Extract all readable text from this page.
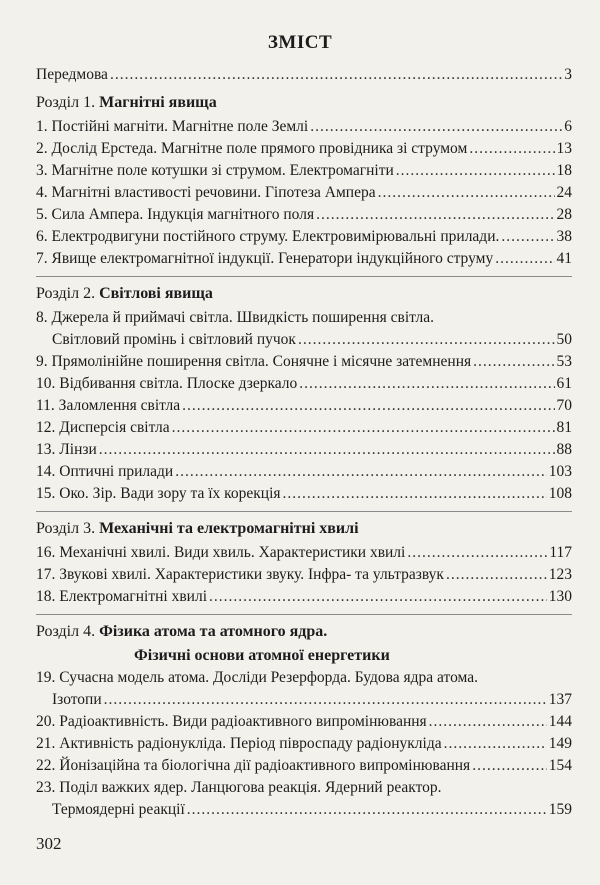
ЗМІСТ
Передмова .....	3
Розділ 1.
Магнітні явища
1. Постійні магніти. Магнітне поле Землі .....	6
2. Дослід Ерстеда. Магнітне поле прямого провідника зі струмом .....	13
3. Магнітне поле котушки зі струмом. Електромагніти .....	18
4. Магнітні властивості речовини. Гіпотеза Ампера .....	24
5. Сила Ампера. Індукція магнітного поля .....	28
6. Електродвигуни постійного струму. Електровимірювальні прилади. .....	38
7. Явище електромагнітної індукції. Генератори індукційного струму .....	41
Розділ 2.
Світлові явища
8. Джерела й приймачі світла. Швидкість поширення світла.
Світловий промінь і світловий пучок .....	50
9. Прямолінійне поширення світла. Сонячне і місячне затемнення .....	53
10. Відбивання світла. Плоске дзеркало .....	61
11. Заломлення світла .....	70
12. Дисперсія світла .....	81
13. Лінзи .....	88
14. Оптичні прилади .....	103
15. Око. Зір. Вади зору та їх корекція .....	108
Розділ 3.
Механічні та електромагнітні хвилі
16. Механічні хвилі. Види хвиль. Характеристики хвилі .....	117
17. Звукові хвилі. Характеристики звуку. Інфра- та ультразвук .....	123
18. Електромагнітні хвилі .....	130
Розділ 4.
Фізика атома та атомного ядра.
Фізичні основи атомної енергетики
19. Сучасна модель атома. Досліди Резерфорда. Будова ядра атома.
Ізотопи .....	137
20. Радіоактивність. Види радіоактивного випромінювання .....	144
21. Активність радіонукліда. Період півроспаду радіонукліда .....	149
22. Йонізаційна та біологічна дії радіоактивного випромінювання .....	154
23. Поділ важких ядер. Ланцюгова реакція. Ядерний реактор.
Термоядерні реакції .....	159
302
